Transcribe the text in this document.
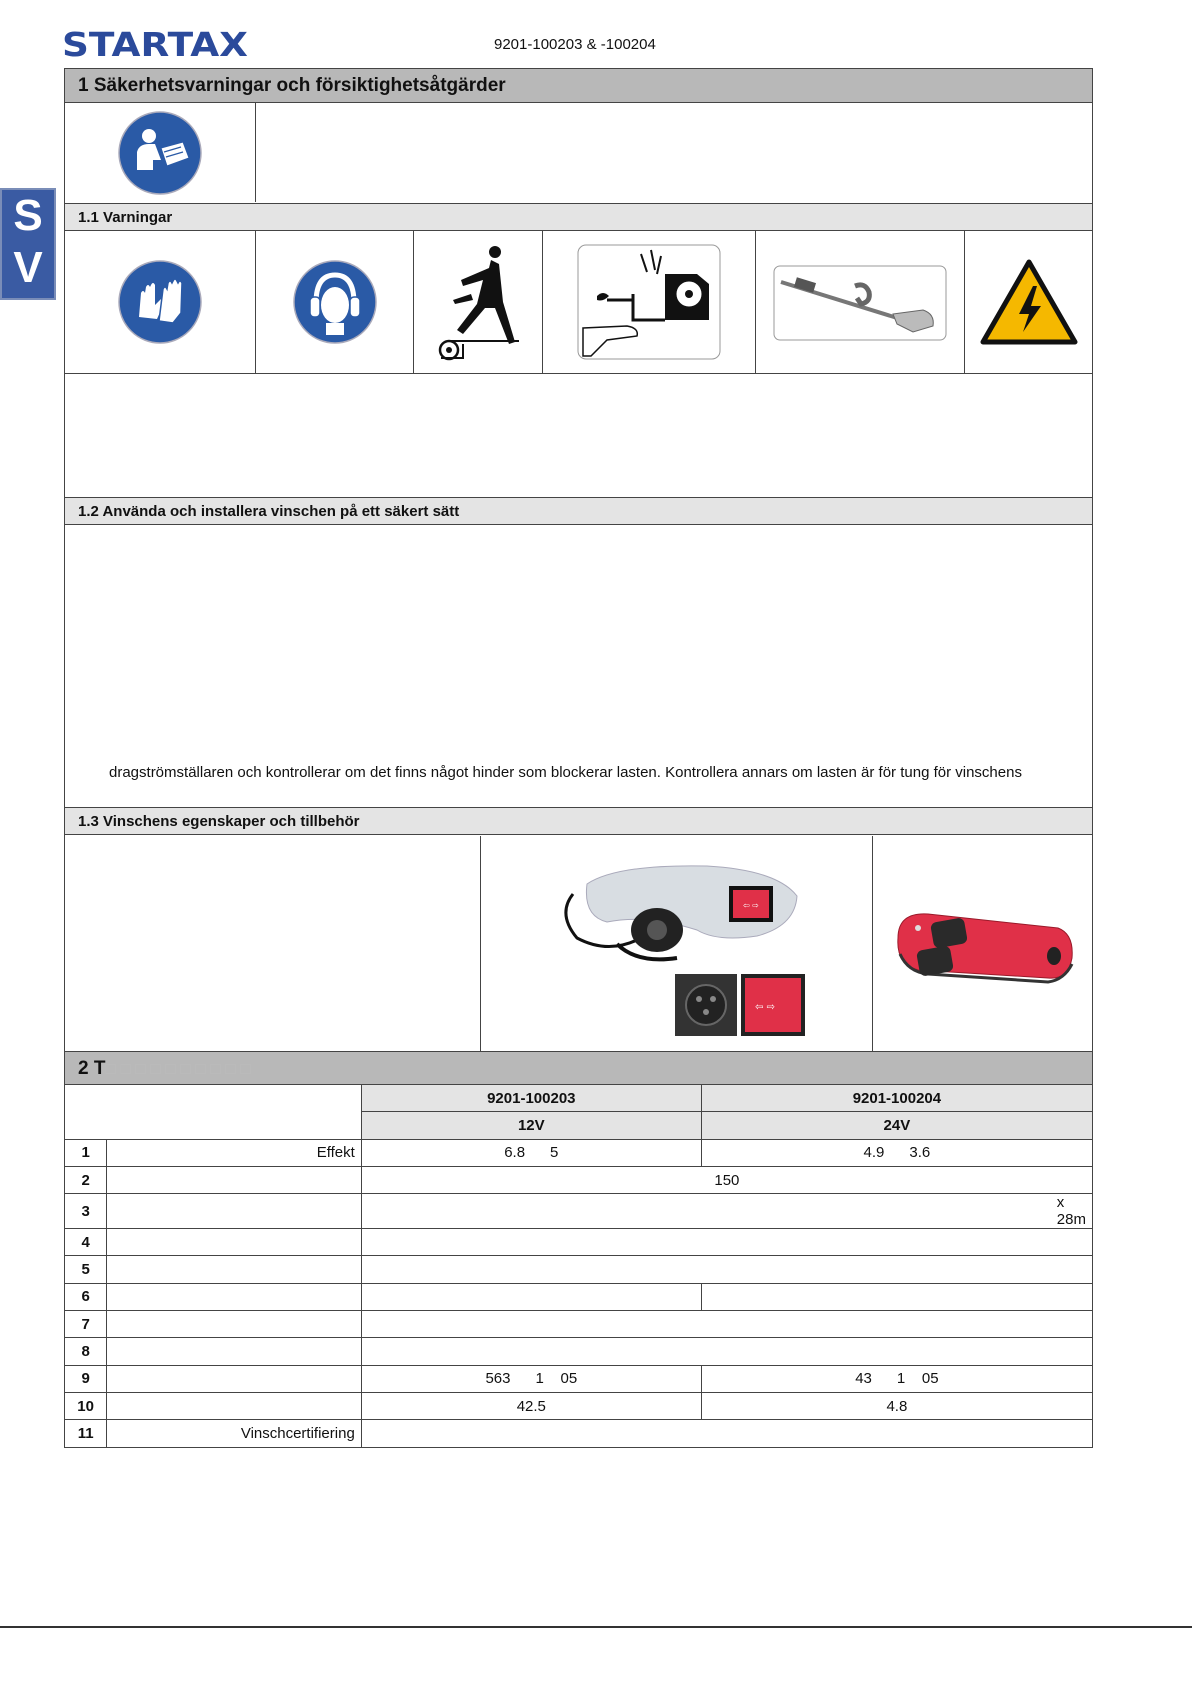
STARTAX	9201-100203 & -100204
S
V
1 Säkerhetsvarningar och försiktighetsåtgärder
1.1 Varningar
1.2 Använda och installera vinschen på ett säkert sätt
dragströmställaren och kontrollerar om det finns något hinder som blockerar lasten. Kontrollera annars om lasten är för tung för vinschens
1.3 Vinschens egenskaper och tillbehör
⇦ ⇨
⇦ ⇨
2 T□ □ □ □ □ □ □ □ □ □
		9201-100203	9201-100204
		12V	24V
1	Effekt	6.8      5	4.9      3.6
2		150	
3		x 28m	
4			
5			
6			
7			
8			
9		563      1    05	43      1    05
10		42.5	4.8
11	Vinschcertifiering		
